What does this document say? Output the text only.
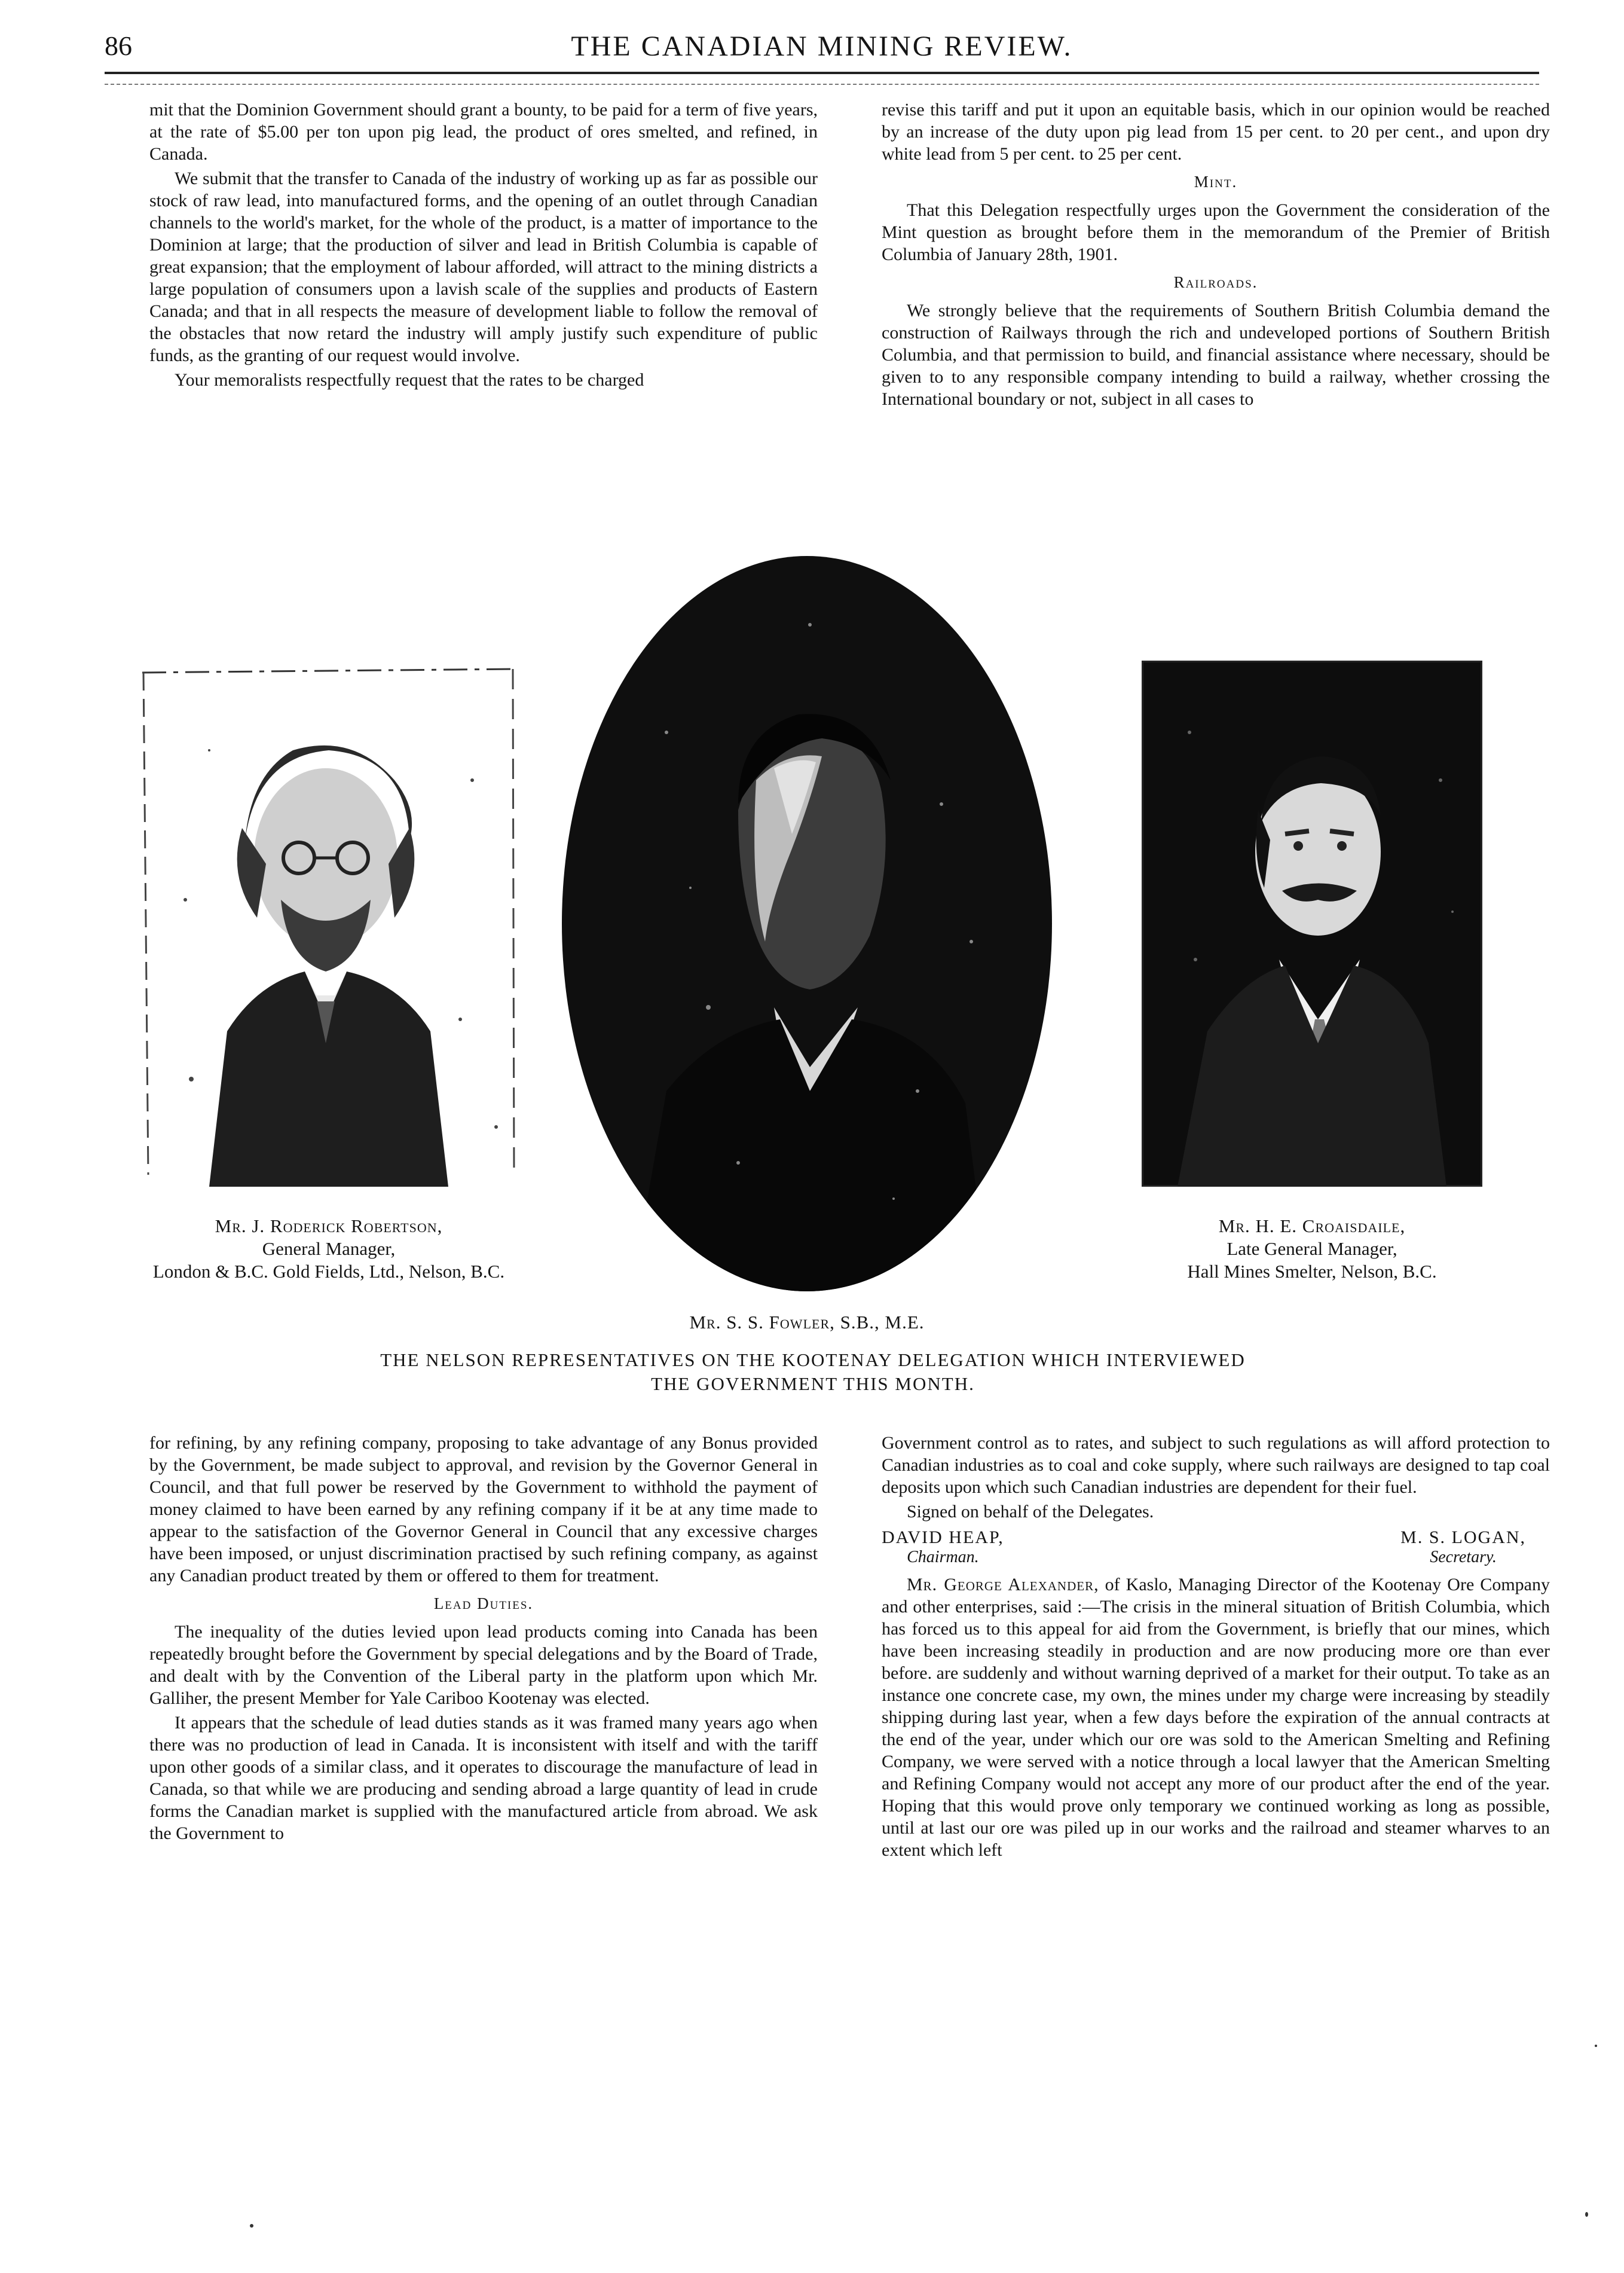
86	THE CANADIAN MINING REVIEW.

mit that the Dominion Government should grant a bounty, to be paid for a term of five years, at the rate of $5.00 per ton upon pig lead, the product of ores smelted, and refined, in Canada.

We submit that the transfer to Canada of the industry of working up as far as possible our stock of raw lead, into manufactured forms, and the opening of an outlet through Canadian channels to the world's market, for the whole of the product, is a matter of importance to the Dominion at large; that the production of silver and lead in British Columbia is capable of great expansion; that the employment of labour afforded, will attract to the mining districts a large population of consumers upon a lavish scale of the supplies and products of Eastern Canada; and that in all respects the measure of development liable to follow the removal of the obstacles that now retard the industry will amply justify such expenditure of public funds, as the granting of our request would involve.

Your memoralists respectfully request that the rates to be charged

revise this tariff and put it upon an equitable basis, which in our opinion would be reached by an increase of the duty upon pig lead from 15 per cent. to 20 per cent., and upon dry white lead from 5 per cent. to 25 per cent.

Mint.

That this Delegation respectfully urges upon the Government the consideration of the Mint question as brought before them in the memorandum of the Premier of British Columbia of January 28th, 1901.

Railroads.

We strongly believe that the requirements of Southern British Columbia demand the construction of Railways through the rich and undeveloped portions of Southern British Columbia, and that permission to build, and financial assistance where necessary, should be given to to any responsible company intending to build a railway, whether crossing the International boundary or not, subject in all cases to

Mr. J. Roderick Robertson,
General Manager,
London & B.C. Gold Fields, Ltd., Nelson, B.C.
Mr. H. E. Croaisdaile,
Late General Manager,
Hall Mines Smelter, Nelson, B.C.
Mr. S. S. Fowler, S.B., M.E.
THE NELSON REPRESENTATIVES ON THE KOOTENAY DELEGATION WHICH INTERVIEWED
THE GOVERNMENT THIS MONTH.

for refining, by any refining company, proposing to take advantage of any Bonus provided by the Government, be made subject to approval, and revision by the Governor General in Council, and that full power be reserved by the Government to withhold the payment of money claimed to have been earned by any refining company if it be at any time made to appear to the satisfaction of the Governor General in Council that any excessive charges have been imposed, or unjust discrimination practised by such refining company, as against any Canadian product treated by them or offered to them for treatment.

Lead Duties.

The inequality of the duties levied upon lead products coming into Canada has been repeatedly brought before the Government by special delegations and by the Board of Trade, and dealt with by the Convention of the Liberal party in the platform upon which Mr. Galliher, the present Member for Yale Cariboo Kootenay was elected.

It appears that the schedule of lead duties stands as it was framed many years ago when there was no production of lead in Canada. It is inconsistent with itself and with the tariff upon other goods of a similar class, and it operates to discourage the manufacture of lead in Canada, so that while we are producing and sending abroad a large quantity of lead in crude forms the Canadian market is supplied with the manufactured article from abroad. We ask the Government to

Government control as to rates, and subject to such regulations as will afford protection to Canadian industries as to coal and coke supply, where such railways are designed to tap coal deposits upon which such Canadian industries are dependent for their fuel.

Signed on behalf of the Delegates.

DAVID HEAP,
Chairman.
M. S. LOGAN,
Secretary.

Mr. George Alexander, of Kaslo, Managing Director of the Kootenay Ore Company and other enterprises, said :—The crisis in the mineral situation of British Columbia, which has forced us to this appeal for aid from the Government, is briefly that our mines, which have been increasing steadily in production and are now producing more ore than ever before. are suddenly and without warning deprived of a market for their output. To take as an instance one concrete case, my own, the mines under my charge were increasing by steadily shipping during last year, when a few days before the expiration of the annual contracts at the end of the year, under which our ore was sold to the American Smelting and Refining Company, we were served with a notice through a local lawyer that the American Smelting and Refining Company would not accept any more of our product after the end of the year. Hoping that this would prove only temporary we continued working as long as possible, until at last our ore was piled up in our works and the railroad and steamer wharves to an extent which left
